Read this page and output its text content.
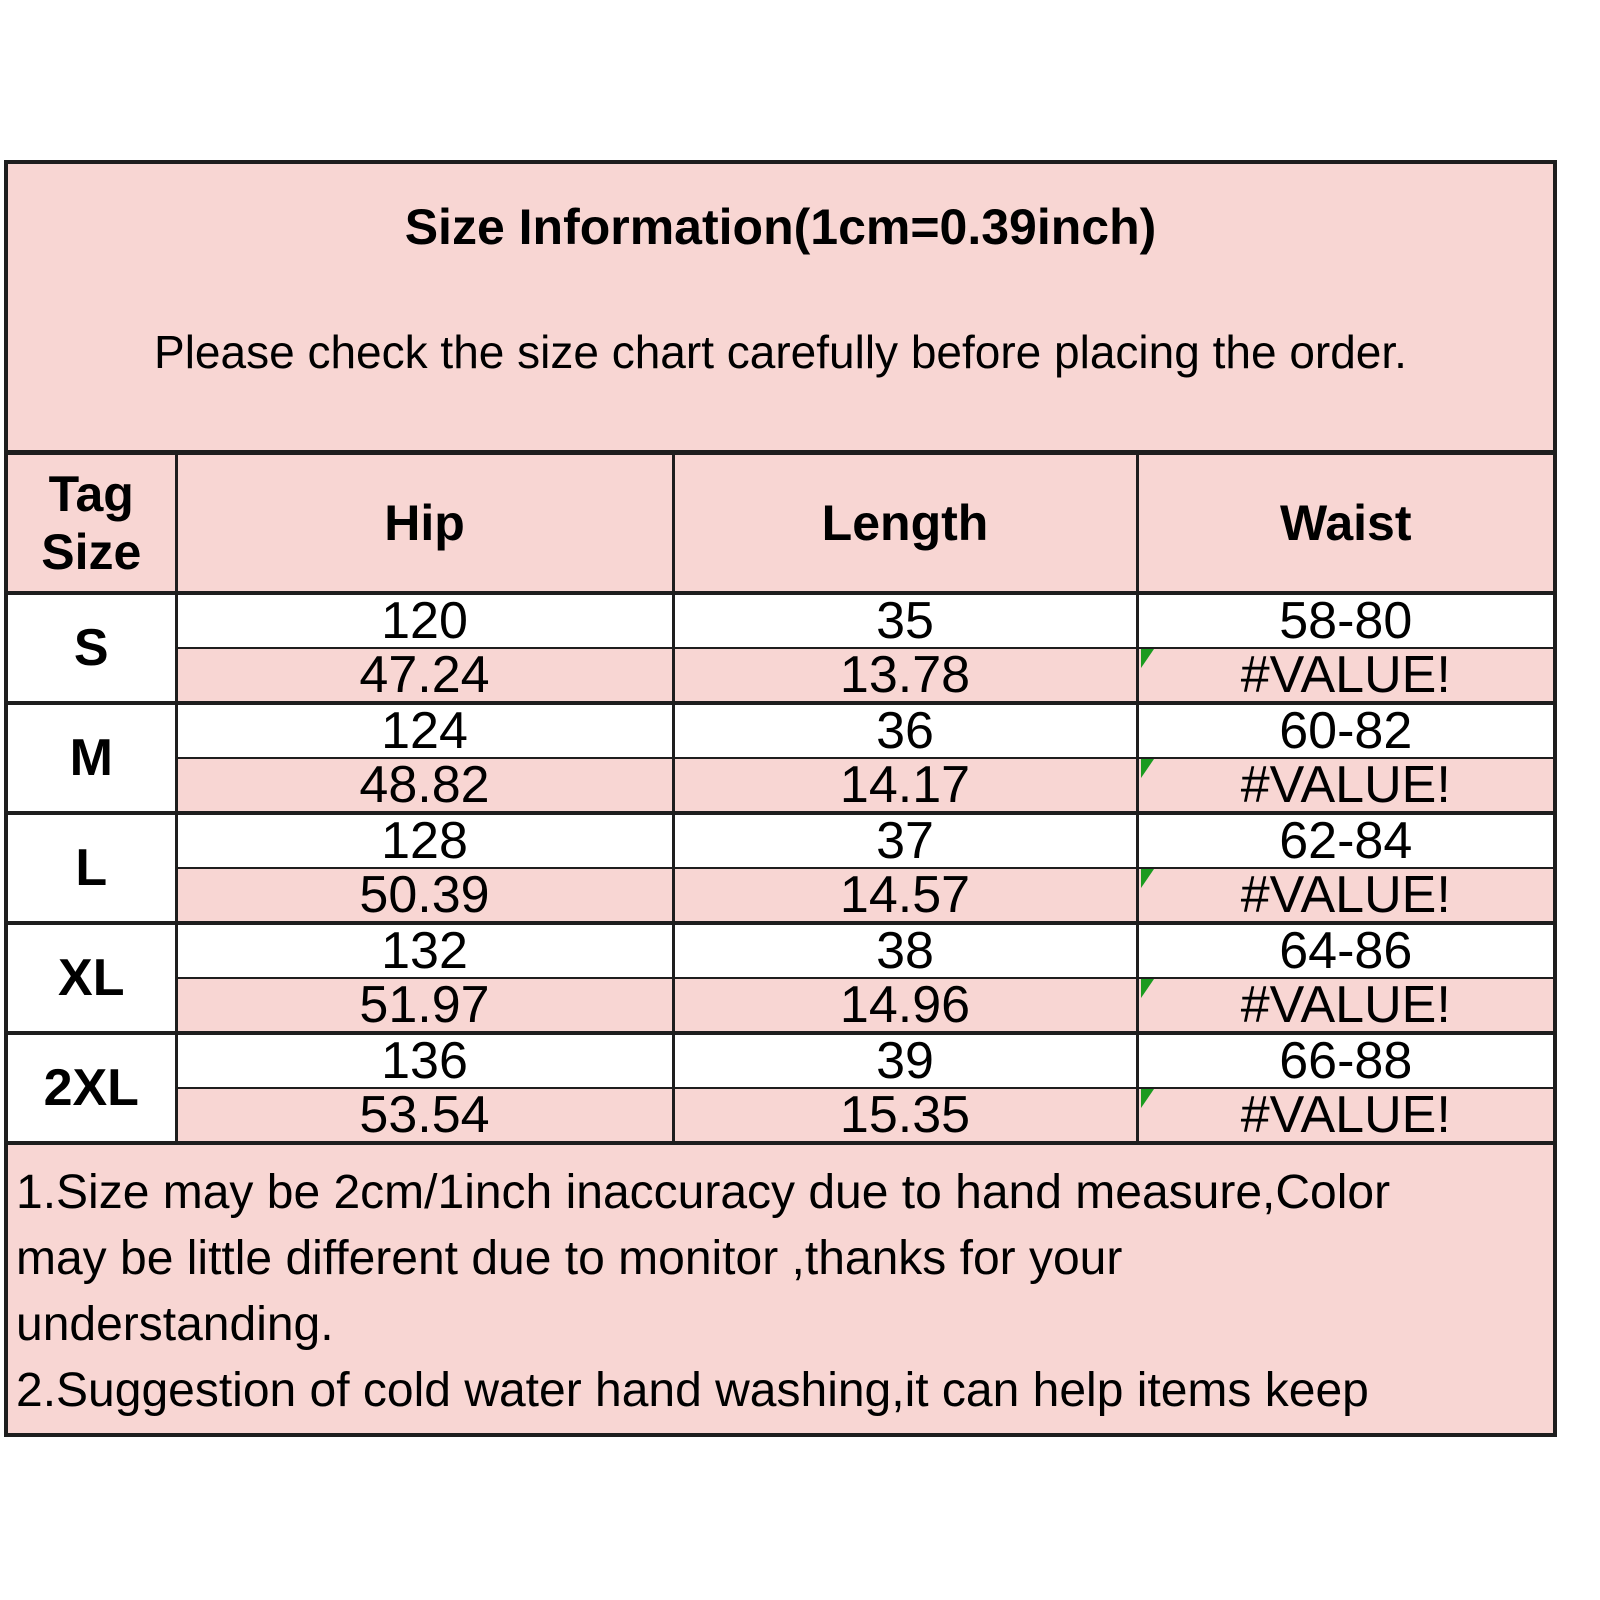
Size Information(1cm=0.39inch)
Please check the size chart carefully before placing the order.
1.Size may be 2cm/1inch inaccuracy due to hand measure,Color
may be little different due to monitor ,thanks for your
understanding.
2.Suggestion of cold water hand washing,it can help items keep
Tag
Size	Hip	Length	Waist
S	120	35	58-80
	47.24	13.78	#VALUE!
M	124	36	60-82
	48.82	14.17	#VALUE!
L	128	37	62-84
	50.39	14.57	#VALUE!
XL	132	38	64-86
	51.97	14.96	#VALUE!
2XL	136	39	66-88
	53.54	15.35	#VALUE!
